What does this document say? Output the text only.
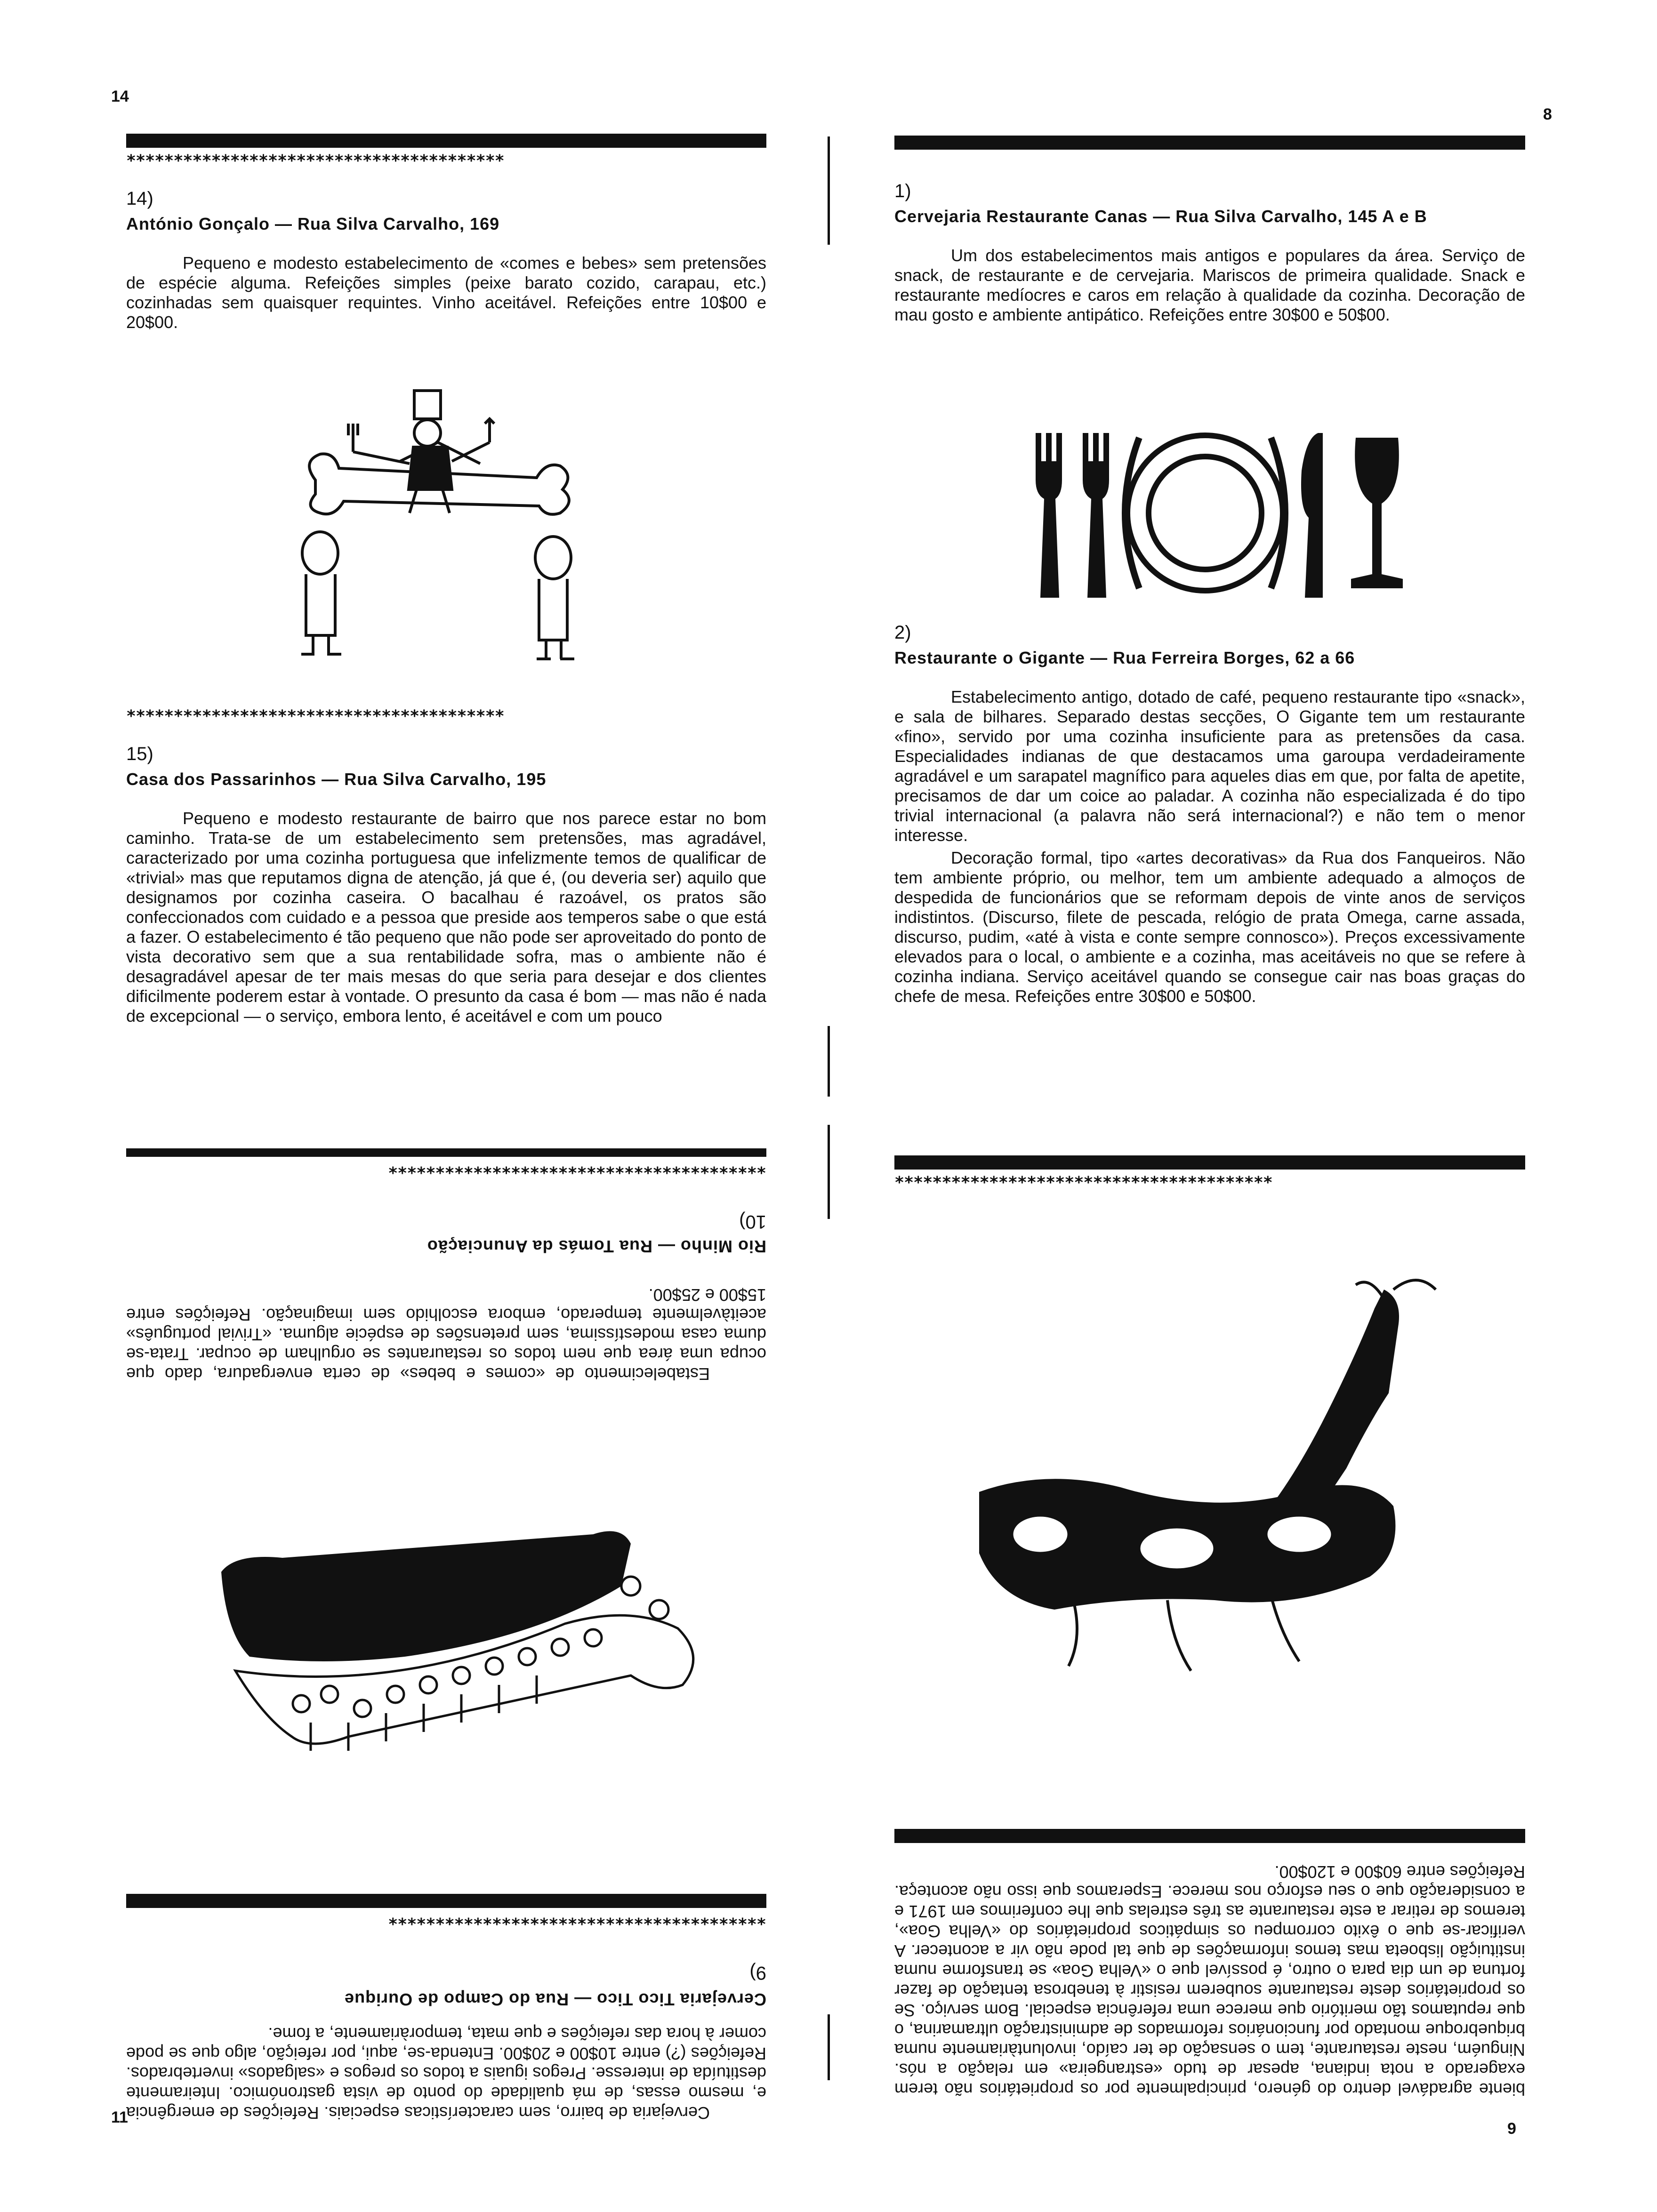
14
8
11
9
****************************************
14)
António Gonçalo — Rua Silva Carvalho, 169

Pequeno e modesto estabelecimento de «comes e bebes» sem pretensões de espécie alguma. Refeições simples (peixe barato cozido, carapau, etc.) cozinhadas sem quaisquer requintes. Vinho aceitável. Refeições entre 10$00 e 20$00.

****************************************
15)
Casa dos Passarinhos — Rua Silva Carvalho, 195

Pequeno e modesto restaurante de bairro que nos parece estar no bom caminho. Trata-se de um estabelecimento sem pretensões, mas agradável, caracterizado por uma cozinha portuguesa que infelizmente temos de qualificar de «trivial» mas que reputamos digna de atenção, já que é, (ou deveria ser) aquilo que designamos por cozinha caseira. O bacalhau é razoável, os pratos são confeccionados com cuidado e a pessoa que preside aos temperos sabe o que está a fazer. O estabelecimento é tão pequeno que não pode ser aproveitado do ponto de vista decorativo sem que a sua rentabilidade sofra, mas o ambiente não é desagradável apesar de ter mais mesas do que seria para desejar e dos clientes dificilmente poderem estar à vontade. O presunto da casa é bom — mas não é nada de excepcional — o serviço, embora lento, é aceitável e com um pouco

Estabelecimento de «comes e bebes» de certa envergadura, dado que ocupa uma área que nem todos os restaurantes se orgulham de ocupar. Trata-se duma casa modestíssima, sem pretensões de espécie alguma. «Trivial português» aceitàvelmente temperado, embora escolhido sem imaginação. Refeições entre 15$00 e 25$00.

Rio Minho — Rua Tomás da Anunciação
10)
****************************************

Cervejaria de bairro, sem características especiais. Refeições de emergência e, mesmo essas, de má qualidade do ponto de vista gastronómico. Inteiramente destituída de interesse. Pregos iguais a todos os pregos e «salgados» invertebrados. Refeições (?) entre 10$00 e 20$00. Entenda-se, aqui, por refeição, algo que se pode comer à hora das refeições e que mata, temporàriamente, a fome.

Cervejaria Tico Tico — Rua do Campo de Ourique
9)
****************************************
1)
Cervejaria Restaurante Canas — Rua Silva Carvalho, 145 A e B

Um dos estabelecimentos mais antigos e populares da área. Serviço de snack, de restaurante e de cervejaria. Mariscos de primeira qualidade. Snack e restaurante medíocres e caros em relação à qualidade da cozinha. Decoração de mau gosto e ambiente antipático. Refeições entre 30$00 e 50$00.

2)
Restaurante o Gigante — Rua Ferreira Borges, 62 a 66

Estabelecimento antigo, dotado de café, pequeno restaurante tipo «snack», e sala de bilhares. Separado destas secções, O Gigante tem um restaurante «fino», servido por uma cozinha insuficiente para as pretensões da casa. Especialidades indianas de que destacamos uma garoupa verdadeiramente agradável e um sarapatel magnífico para aqueles dias em que, por falta de apetite, precisamos de dar um coice ao paladar. A cozinha não especializada é do tipo trivial internacional (a palavra não será internacional?) e não tem o menor interesse.

Decoração formal, tipo «artes decorativas» da Rua dos Fanqueiros. Não tem ambiente próprio, ou melhor, tem um ambiente adequado a almoços de despedida de funcionários que se reformam depois de vinte anos de serviços indistintos. (Discurso, filete de pescada, relógio de prata Omega, carne assada, discurso, pudim, «até à vista e conte sempre connosco»). Preços excessivamente elevados para o local, o ambiente e a cozinha, mas aceitáveis no que se refere à cozinha indiana. Serviço aceitável quando se consegue cair nas boas graças do chefe de mesa. Refeições entre 30$00 e 50$00.

****************************************

biente agradável dentro do género, principalmente por os proprietários não terem exagerado a nota indiana, apesar de tudo «estrangeira» em relação a nós. Ninguém, neste restaurante, tem o sensação de ter caído, involuntàriamente numa briquebroque montado por funcionários reformados de administração ultramarina, o que reputamos tão meritório que merece uma referência especial. Bom serviço. Se os proprietários deste restaurante souberem resistir à tenebrosa tentação de fazer fortuna de um dia para o outro, é possível que o «Velha Goa» se transforme numa instituição lisboeta mas temos informações de que tal pode não vir a acontecer. A verificar-se que o êxito corrompeu os simpáticos proprietários do «Velha Goa», teremos de retirar a este restaurante as três estrelas que lhe conferimos em 1971 e a consideração que o seu esforço nos merece. Esperamos que isso não aconteça. Refeições entre 60$00 e 120$00.
